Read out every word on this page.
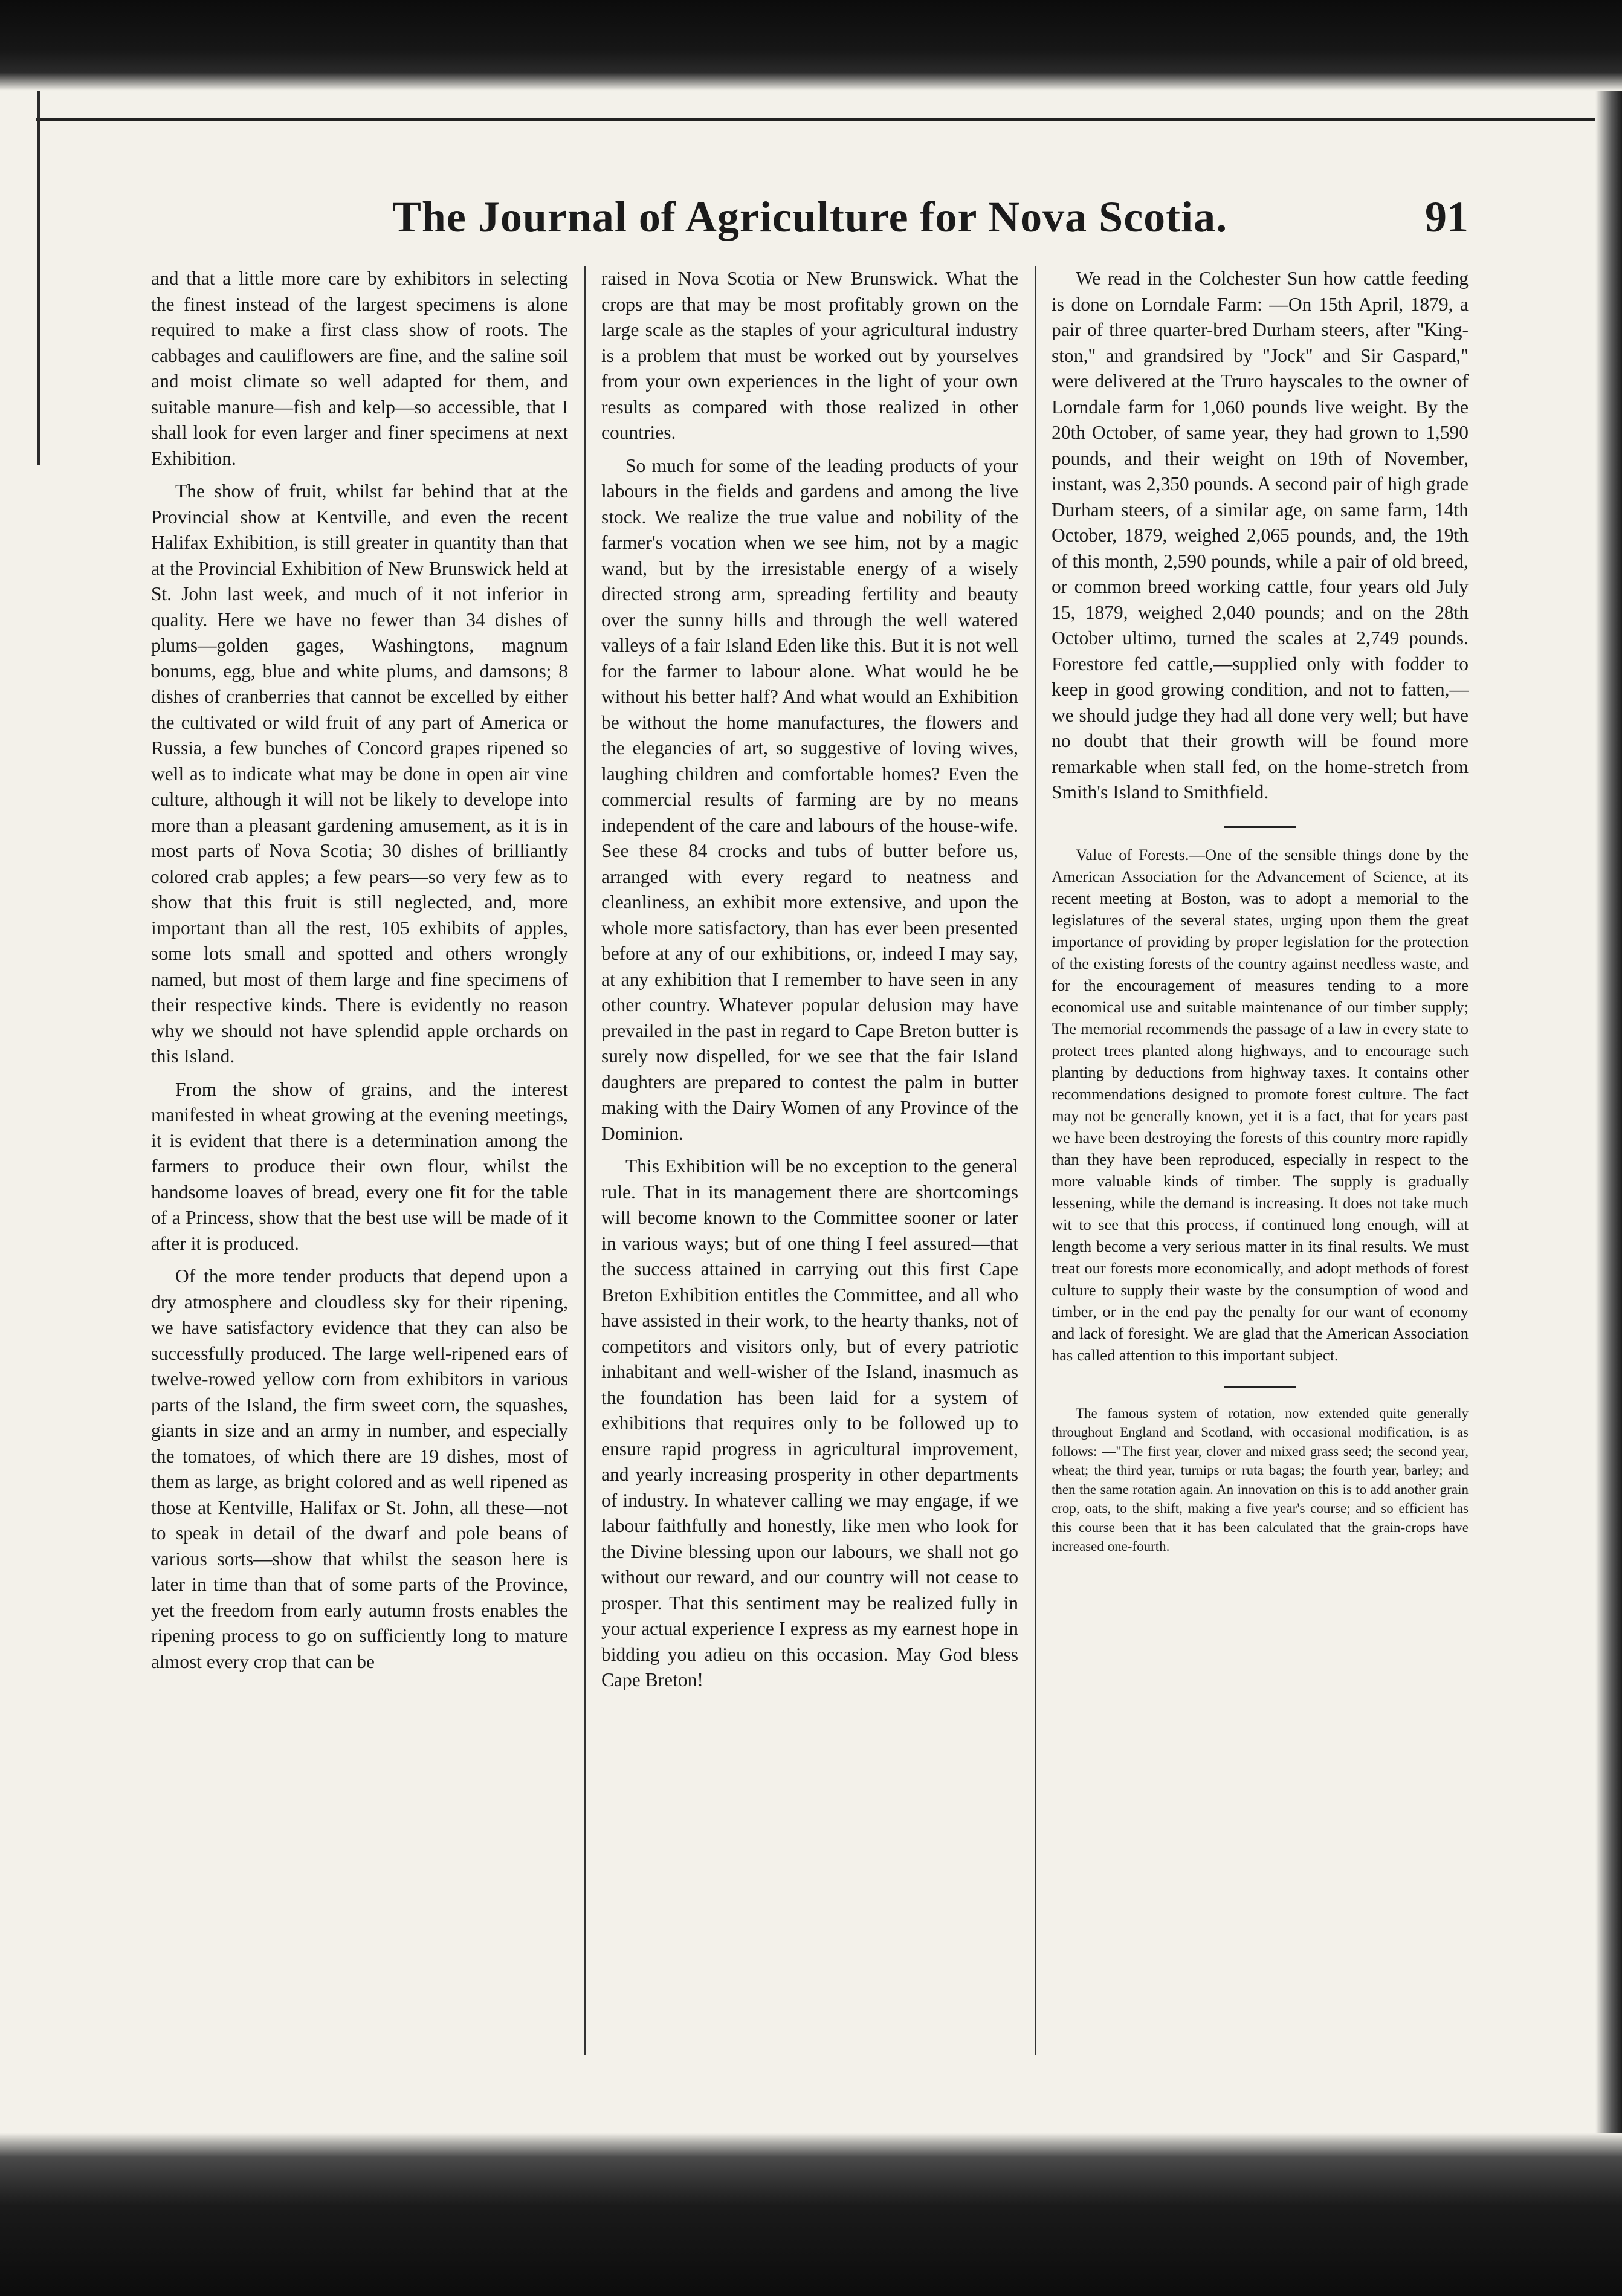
The Journal of Agriculture for Nova Scotia.	91

and that a little more care by exhibitors in selecting the finest instead of the largest specimens is alone required to make a first class show of roots. The cabbages and cauliflowers are fine, and the saline soil and moist climate so well adapted for them, and suitable manure—fish and kelp—so accessible, that I shall look for even larger and finer specimens at next Exhibition.

The show of fruit, whilst far behind that at the Provincial show at Kentville, and even the recent Halifax Exhibition, is still greater in quantity than that at the Provincial Exhibition of New Brunswick held at St. John last week, and much of it not inferior in quality. Here we have no fewer than 34 dishes of plums—golden gages, Washingtons, magnum bonums, egg, blue and white plums, and damsons; 8 dishes of cranberries that cannot be excelled by either the cultivated or wild fruit of any part of America or Russia, a few bunches of Concord grapes ripened so well as to indicate what may be done in open air vine culture, although it will not be likely to develope into more than a pleasant gardening amusement, as it is in most parts of Nova Scotia; 30 dishes of brilliantly colored crab apples; a few pears—so very few as to show that this fruit is still neglected, and, more important than all the rest, 105 exhibits of apples, some lots small and spotted and others wrongly named, but most of them large and fine specimens of their respective kinds. There is evidently no reason why we should not have splendid apple orchards on this Island.

From the show of grains, and the interest manifested in wheat growing at the evening meetings, it is evident that there is a determination among the farmers to produce their own flour, whilst the handsome loaves of bread, every one fit for the table of a Princess, show that the best use will be made of it after it is produced.

Of the more tender products that depend upon a dry atmosphere and cloudless sky for their ripening, we have satisfactory evidence that they can also be successfully produced. The large well-ripened ears of twelve-rowed yellow corn from exhibitors in various parts of the Island, the firm sweet corn, the squashes, giants in size and an army in number, and especially the tomatoes, of which there are 19 dishes, most of them as large, as bright colored and as well ripened as those at Kentville, Halifax or St. John, all these—not to speak in detail of the dwarf and pole beans of various sorts—show that whilst the season here is later in time than that of some parts of the Province, yet the freedom from early autumn frosts enables the ripening process to go on sufficiently long to mature almost every crop that can be

raised in Nova Scotia or New Brunswick. What the crops are that may be most profitably grown on the large scale as the staples of your agricultural industry is a problem that must be worked out by yourselves from your own experiences in the light of your own results as compared with those realized in other countries.

So much for some of the leading products of your labours in the fields and gardens and among the live stock. We realize the true value and nobility of the farmer's vocation when we see him, not by a magic wand, but by the irresistable energy of a wisely directed strong arm, spreading fertility and beauty over the sunny hills and through the well watered valleys of a fair Island Eden like this. But it is not well for the farmer to labour alone. What would he be without his better half? And what would an Exhibition be without the home manufactures, the flowers and the elegancies of art, so suggestive of loving wives, laughing children and comfortable homes? Even the commercial results of farming are by no means independent of the care and labours of the house-wife. See these 84 crocks and tubs of butter before us, arranged with every regard to neatness and cleanliness, an exhibit more extensive, and upon the whole more satisfactory, than has ever been presented before at any of our exhibitions, or, indeed I may say, at any exhibition that I remember to have seen in any other country. Whatever popular delusion may have prevailed in the past in regard to Cape Breton butter is surely now dispelled, for we see that the fair Island daughters are prepared to contest the palm in butter making with the Dairy Women of any Province of the Dominion.

This Exhibition will be no exception to the general rule. That in its management there are shortcomings will become known to the Committee sooner or later in various ways; but of one thing I feel assured—that the success attained in carrying out this first Cape Breton Exhibition entitles the Committee, and all who have assisted in their work, to the hearty thanks, not of competitors and visitors only, but of every patriotic inhabitant and well-wisher of the Island, inasmuch as the foundation has been laid for a system of exhibitions that requires only to be followed up to ensure rapid progress in agricultural improvement, and yearly increasing prosperity in other departments of industry. In whatever calling we may engage, if we labour faithfully and honestly, like men who look for the Divine blessing upon our labours, we shall not go without our reward, and our country will not cease to prosper. That this sentiment may be realized fully in your actual experience I express as my earnest hope in bidding you adieu on this occasion. May God bless Cape Breton!

We read in the Colchester Sun how cattle feeding is done on Lorndale Farm: —On 15th April, 1879, a pair of three quarter-bred Durham steers, after "King-ston," and grandsired by "Jock" and Sir Gaspard," were delivered at the Truro hayscales to the owner of Lorndale farm for 1,060 pounds live weight. By the 20th October, of same year, they had grown to 1,590 pounds, and their weight on 19th of November, instant, was 2,350 pounds. A second pair of high grade Durham steers, of a similar age, on same farm, 14th October, 1879, weighed 2,065 pounds, and, the 19th of this month, 2,590 pounds, while a pair of old breed, or common breed working cattle, four years old July 15, 1879, weighed 2,040 pounds; and on the 28th October ultimo, turned the scales at 2,749 pounds. Forestore fed cattle,—supplied only with fodder to keep in good growing condition, and not to fatten,—we should judge they had all done very well; but have no doubt that their growth will be found more remarkable when stall fed, on the home-stretch from Smith's Island to Smithfield.

Value of Forests.—One of the sensible things done by the American Association for the Advancement of Science, at its recent meeting at Boston, was to adopt a memorial to the legislatures of the several states, urging upon them the great importance of providing by proper legislation for the protection of the existing forests of the country against needless waste, and for the encouragement of measures tending to a more economical use and suitable maintenance of our timber supply; The memorial recommends the passage of a law in every state to protect trees planted along highways, and to encourage such planting by deductions from highway taxes. It contains other recommendations designed to promote forest culture. The fact may not be generally known, yet it is a fact, that for years past we have been destroying the forests of this country more rapidly than they have been reproduced, especially in respect to the more valuable kinds of timber. The supply is gradually lessening, while the demand is increasing. It does not take much wit to see that this process, if continued long enough, will at length become a very serious matter in its final results. We must treat our forests more economically, and adopt methods of forest culture to supply their waste by the consumption of wood and timber, or in the end pay the penalty for our want of economy and lack of foresight. We are glad that the American Association has called attention to this important subject.

The famous system of rotation, now extended quite generally throughout England and Scotland, with occasional modification, is as follows: —"The first year, clover and mixed grass seed; the second year, wheat; the third year, turnips or ruta bagas; the fourth year, barley; and then the same rotation again. An innovation on this is to add another grain crop, oats, to the shift, making a five year's course; and so efficient has this course been that it has been calculated that the grain-crops have increased one-fourth.
